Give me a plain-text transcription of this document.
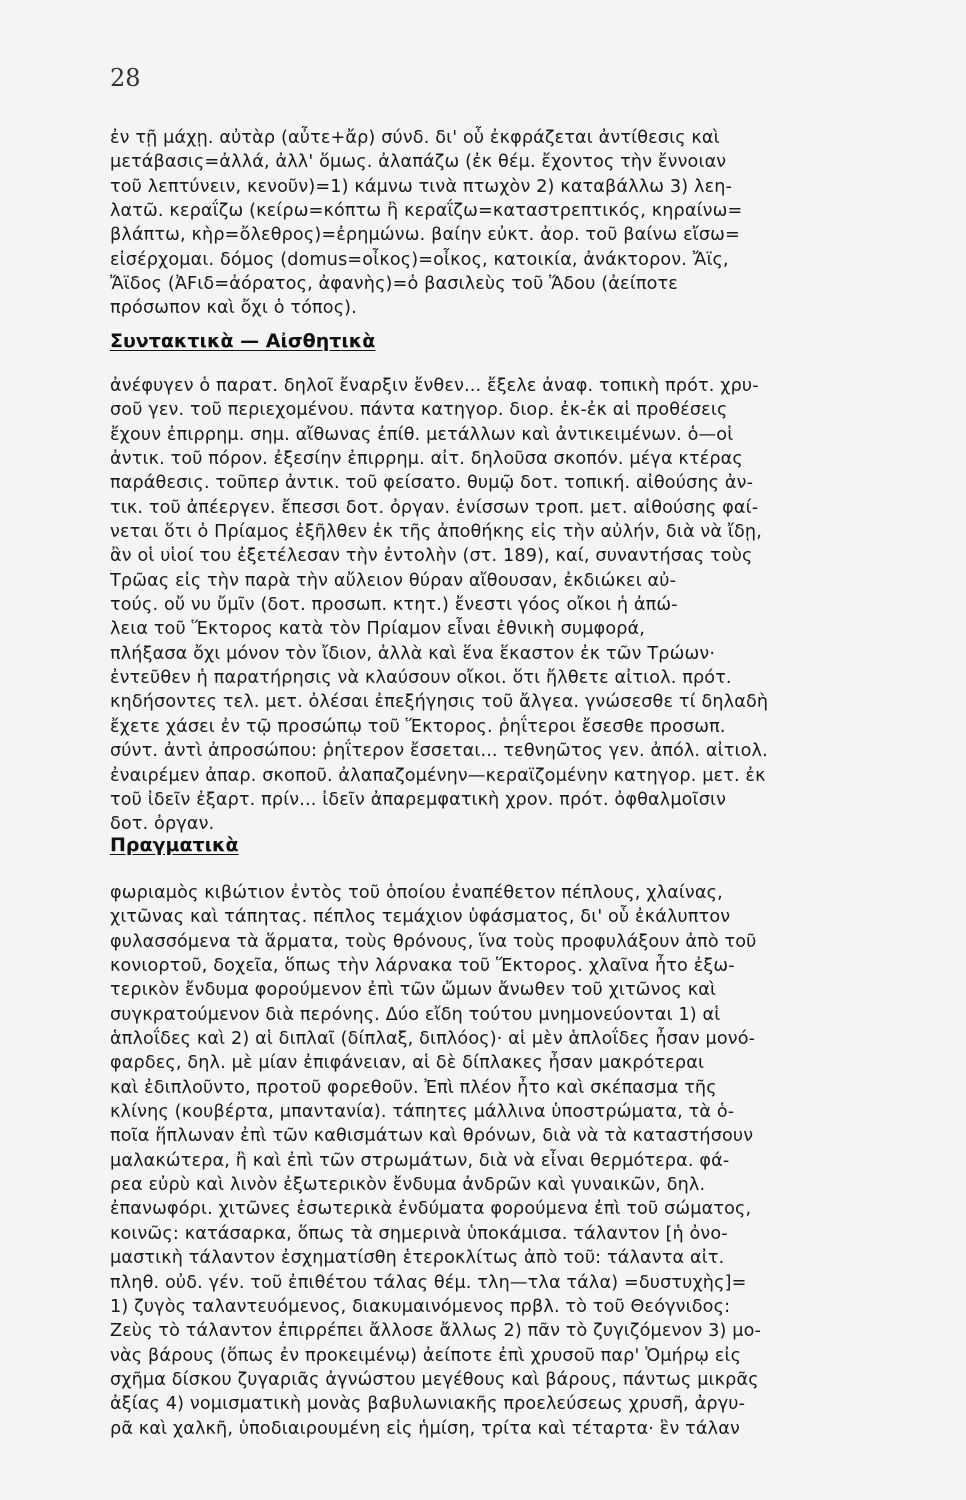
28
ἐν τῇ μάχῃ. αὐτὰρ (αὖτε+ἄρ) σύνδ. δι' οὗ ἐκφράζεται ἀντίθεσις καὶ
μετάβασις=ἀλλά, ἀλλ' ὅμως. ἀλαπάζω (ἐκ θέμ. ἔχοντος τὴν ἔννοιαν
τοῦ λεπτύνειν, κενοῦν)=1) κάμνω τινὰ πτωχὸν 2) καταβάλλω 3) λεη-
λατῶ. κεραΐζω (κείρω=κόπτω ἢ κεραΐζω=καταστρεπτικός, κηραίνω=
βλάπτω, κὴρ=ὄλεθρος)=ἐρημώνω. βαίην εὐκτ. ἀορ. τοῦ βαίνω εἴσω=
εἰσέρχομαι. δόμος (domus=οἶκος)=οἶκος, κατοικία, ἀνάκτορον. Ἄϊς,
Ἄϊδος (ἈFιδ=ἀόρατος, ἀφανὴς)=ὁ βασιλεὺς τοῦ Ἅδου (ἀείποτε
πρόσωπον καὶ ὄχι ὁ τόπος).
Συντακτικὰ — Αἰσθητικὰ
ἀνέφυγεν ὁ παρατ. δηλοῖ ἔναρξιν ἔνθεν... ἔξελε ἀναφ. τοπικὴ πρότ. χρυ-
σοῦ γεν. τοῦ περιεχομένου. πάντα κατηγορ. διορ. ἐκ-ἐκ αἱ προθέσεις
ἔχουν ἐπιρρημ. σημ. αἴθωνας ἐπίθ. μετάλλων καὶ ἀντικειμένων. ὁ—οἱ
ἀντικ. τοῦ πόρον. ἐξεσίην ἐπιρρημ. αἰτ. δηλοῦσα σκοπόν. μέγα κτέρας
παράθεσις. τοῦπερ ἀντικ. τοῦ φείσατο. θυμῷ δοτ. τοπική. αἰθούσης ἀν-
τικ. τοῦ ἀπέεργεν. ἔπεσσι δοτ. ὀργαν. ἐνίσσων τροπ. μετ. αἰθούσης φαί-
νεται ὅτι ὁ Πρίαμος ἐξῆλθεν ἐκ τῆς ἀποθήκης εἰς τὴν αὐλήν, διὰ νὰ ἴδῃ,
ἂν οἱ υἱοί του ἐξετέλεσαν τὴν ἐντολὴν (στ. 189), καί, συναντήσας τοὺς
Τρῶας εἰς τὴν παρὰ τὴν αὔλειον θύραν αἴθουσαν, ἐκδιώκει αὐ-
τούς. οὔ νυ ὔμῖν (δοτ. προσωπ. κτητ.) ἔνεστι γόος οἴκοι ἡ ἀπώ-
λεια τοῦ Ἕκτορος κατὰ τὸν Πρίαμον εἶναι ἐθνικὴ συμφορά,
πλήξασα ὄχι μόνον τὸν ἴδιον, ἀλλὰ καὶ ἕνα ἕκαστον ἐκ τῶν Τρώων·
ἐντεῦθεν ἡ παρατήρησις νὰ κλαύσουν οἴκοι. ὅτι ἤλθετε αἰτιολ. πρότ.
κηδήσοντες τελ. μετ. ὀλέσαι ἐπεξήγησις τοῦ ἄλγεα. γνώσεσθε τί δηλαδὴ
ἔχετε χάσει ἐν τῷ προσώπῳ τοῦ Ἕκτορος. ῥηΐτεροι ἔσεσθε προσωπ.
σύντ. ἀντὶ ἀπροσώπου: ῥηΐτερον ἔσσεται... τεθνηῶτος γεν. ἀπόλ. αἰτιολ.
ἐναιρέμεν ἀπαρ. σκοποῦ. ἀλαπαζομένην—κεραϊζομένην κατηγορ. μετ. ἐκ
τοῦ ἰδεῖν ἐξαρτ. πρίν... ἰδεῖν ἀπαρεμφατικὴ χρον. πρότ. ὀφθαλμοῖσιν
δοτ. ὀργαν.
Πραγματικὰ
φωριαμὸς κιβώτιον ἐντὸς τοῦ ὁποίου ἐναπέθετον πέπλους, χλαίνας,
χιτῶνας καὶ τάπητας. πέπλος τεμάχιον ὑφάσματος, δι' οὗ ἐκάλυπτον
φυλασσόμενα τὰ ἅρματα, τοὺς θρόνους, ἵνα τοὺς προφυλάξουν ἀπὸ τοῦ
κονιορτοῦ, δοχεῖα, ὅπως τὴν λάρνακα τοῦ Ἕκτορος. χλαῖνα ἦτο ἐξω-
τερικὸν ἔνδυμα φορούμενον ἐπὶ τῶν ὤμων ἄνωθεν τοῦ χιτῶνος καὶ
συγκρατούμενον διὰ περόνης. Δύο εἴδη τούτου μνημονεύονται 1) αἱ
ἁπλοΐδες καὶ 2) αἱ διπλαῖ (δίπλαξ, διπλόος)· αἱ μὲν ἁπλοΐδες ἦσαν μονό-
φαρδες, δηλ. μὲ μίαν ἐπιφάνειαν, αἱ δὲ δίπλακες ἦσαν μακρότεραι
καὶ ἐδιπλοῦντο, προτοῦ φορεθοῦν. Ἐπὶ πλέον ἦτο καὶ σκέπασμα τῆς
κλίνης (κουβέρτα, μπαντανία). τάπητες μάλλινα ὑποστρώματα, τὰ ὁ-
ποῖα ἥπλωναν ἐπὶ τῶν καθισμάτων καὶ θρόνων, διὰ νὰ τὰ καταστήσουν
μαλακώτερα, ἢ καὶ ἐπὶ τῶν στρωμάτων, διὰ νὰ εἶναι θερμότερα. φά-
ρεα εὐρὺ καὶ λινὸν ἐξωτερικὸν ἔνδυμα ἀνδρῶν καὶ γυναικῶν, δηλ.
ἐπανωφόρι. χιτῶνες ἐσωτερικὰ ἐνδύματα φορούμενα ἐπὶ τοῦ σώματος,
κοινῶς: κατάσαρκα, ὅπως τὰ σημερινὰ ὑποκάμισα. τάλαντον [ἡ ὀνο-
μαστικὴ τάλαντον ἐσχηματίσθη ἑτεροκλίτως ἀπὸ τοῦ: τάλαντα αἰτ.
πληθ. οὐδ. γέν. τοῦ ἐπιθέτου τάλας θέμ. τλη—τλα τάλα) =δυστυχὴς]=
1) ζυγὸς ταλαντευόμενος, διακυμαινόμενος πρβλ. τὸ τοῦ Θεόγνιδος:
Ζεὺς τὸ τάλαντον ἐπιρρέπει ἄλλοσε ἄλλως 2) πᾶν τὸ ζυγιζόμενον 3) μο-
νὰς βάρους (ὅπως ἐν προκειμένῳ) ἀείποτε ἐπὶ χρυσοῦ παρ' Ὁμήρῳ εἰς
σχῆμα δίσκου ζυγαριᾶς ἀγνώστου μεγέθους καὶ βάρους, πάντως μικρᾶς
ἀξίας 4) νομισματικὴ μονὰς βαβυλωνιακῆς προελεύσεως χρυσῆ, ἀργυ-
ρᾶ καὶ χαλκῆ, ὑποδιαιρουμένη εἰς ἡμίση, τρίτα καὶ τέταρτα· ἓν τάλαν
